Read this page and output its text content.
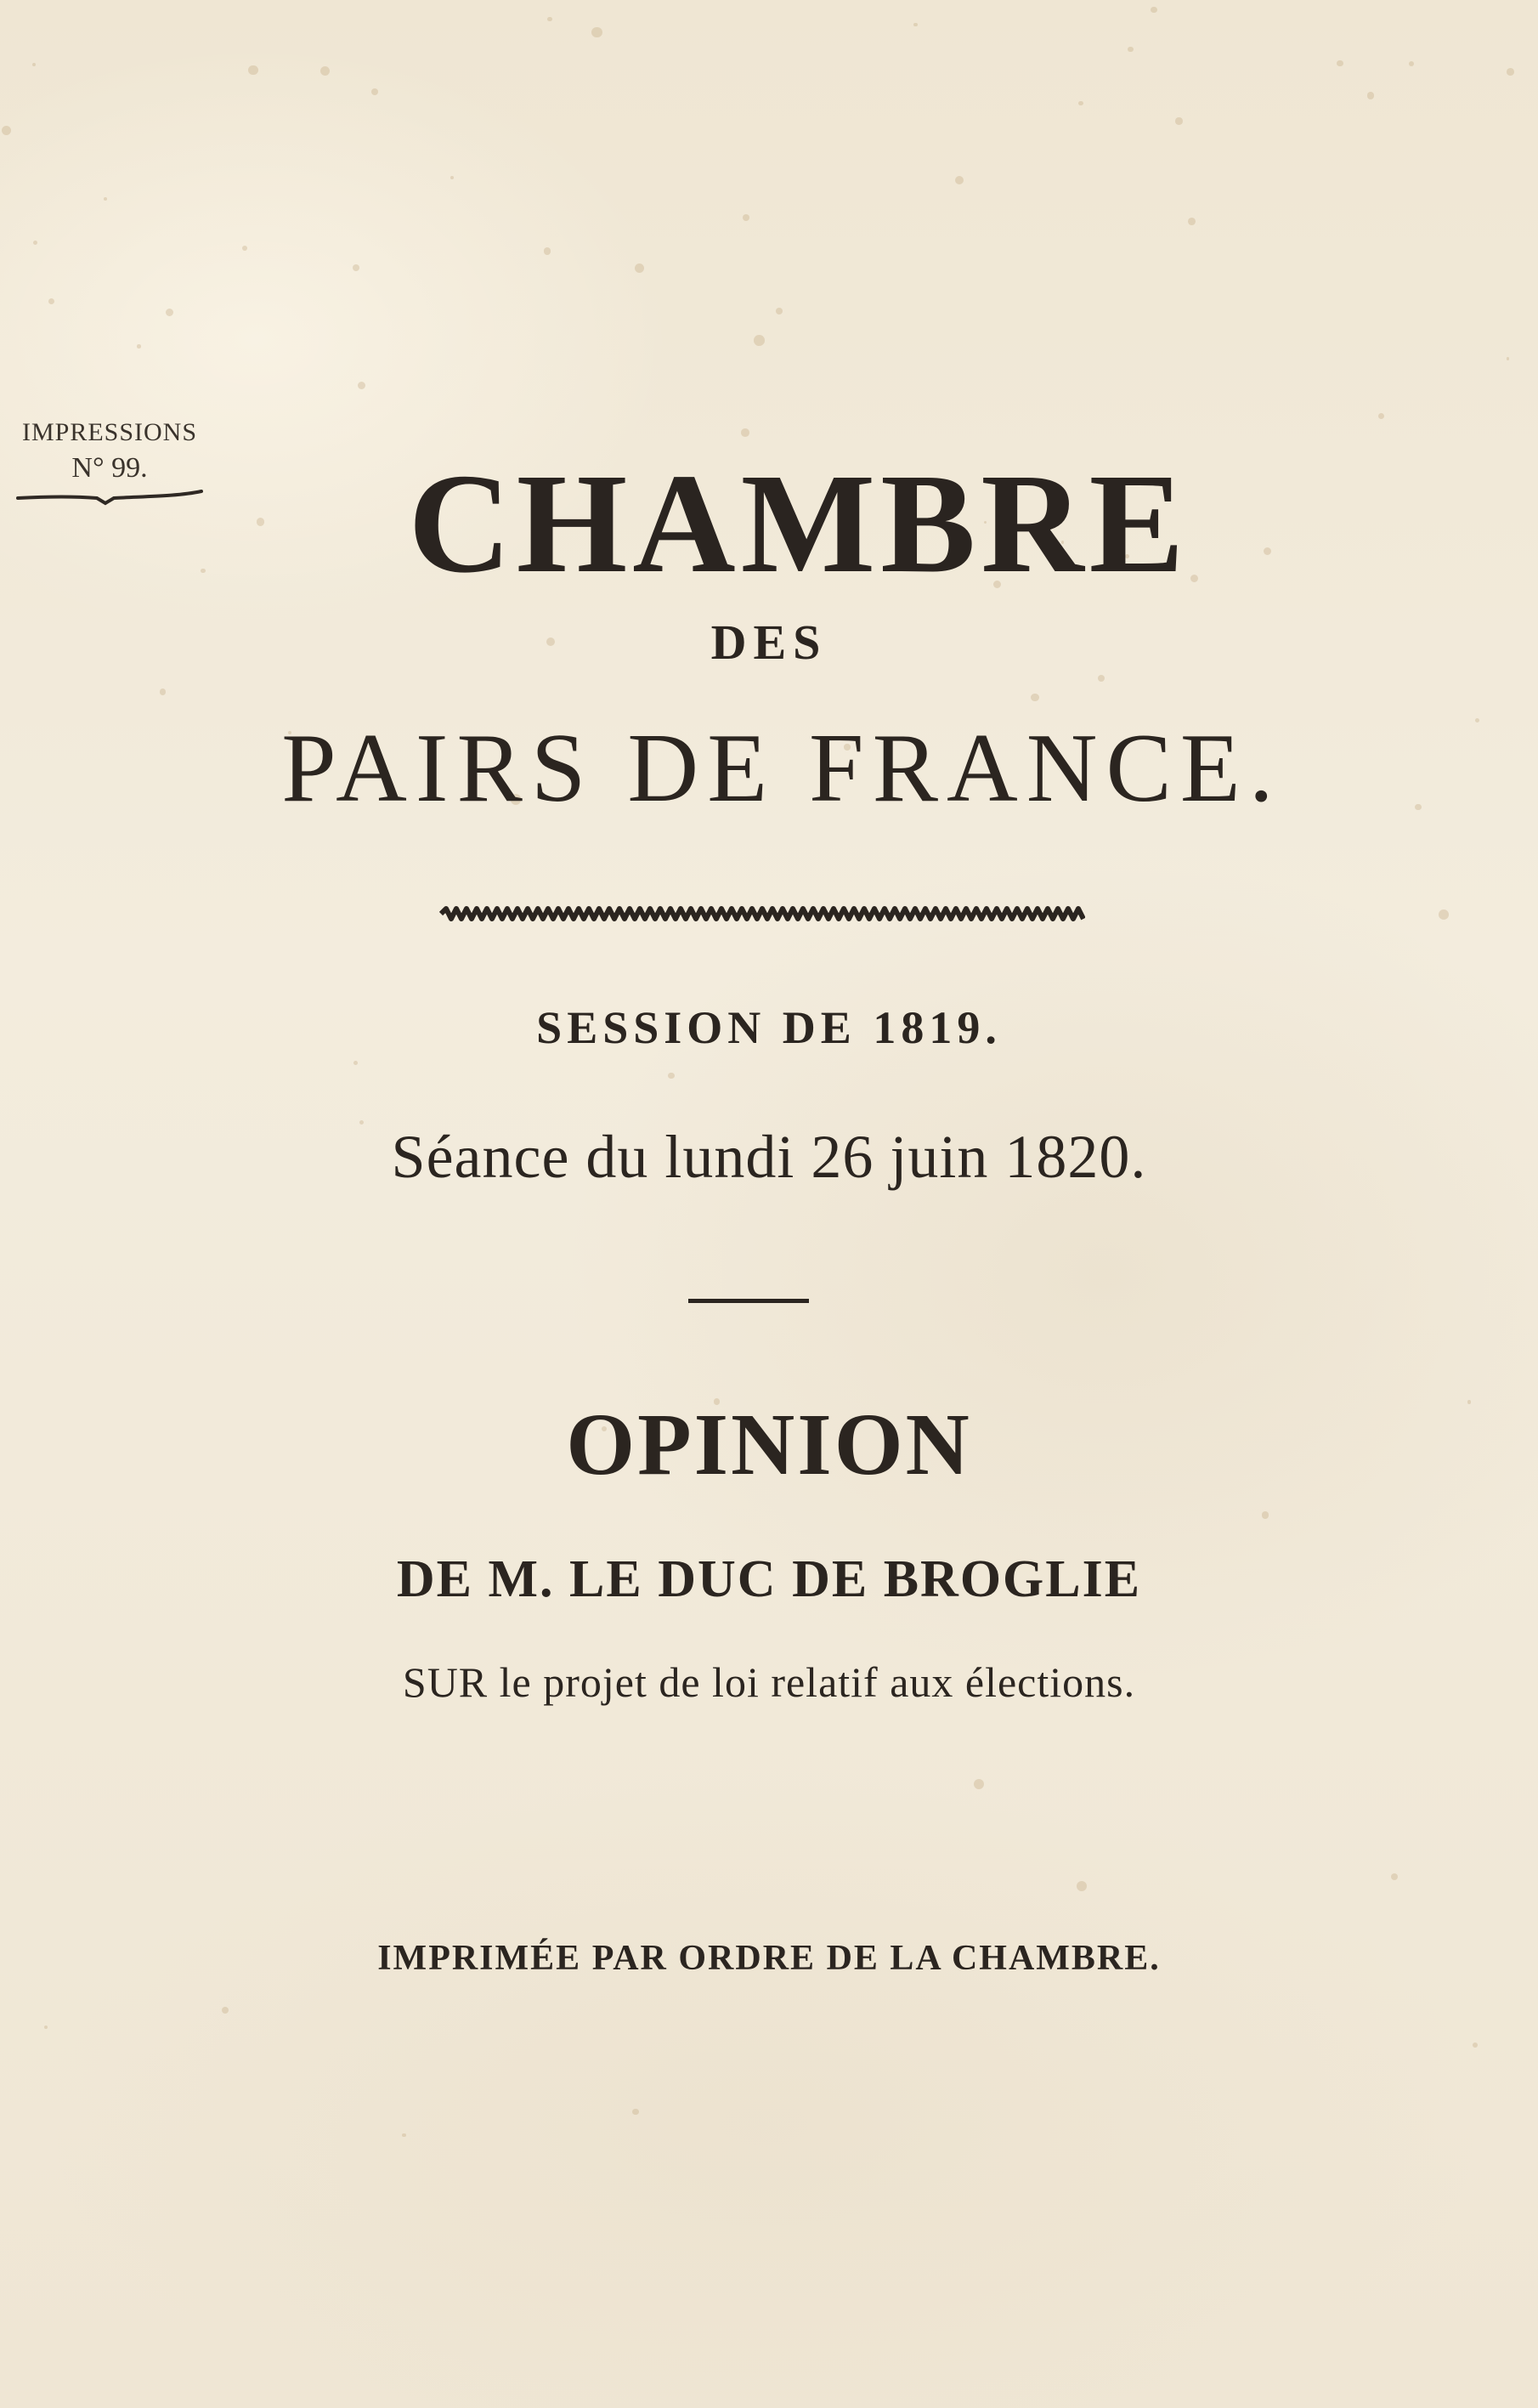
IMPRESSIONS
N° 99.	CHAMBRE
DES
PAIRS DE FRANCE.
SESSION DE 1819.
Séance du lundi 26 juin 1820.
OPINION
DE M. LE DUC DE BROGLIE
SUR le projet de loi relatif aux élections.
IMPRIMÉE PAR ORDRE DE LA CHAMBRE.
